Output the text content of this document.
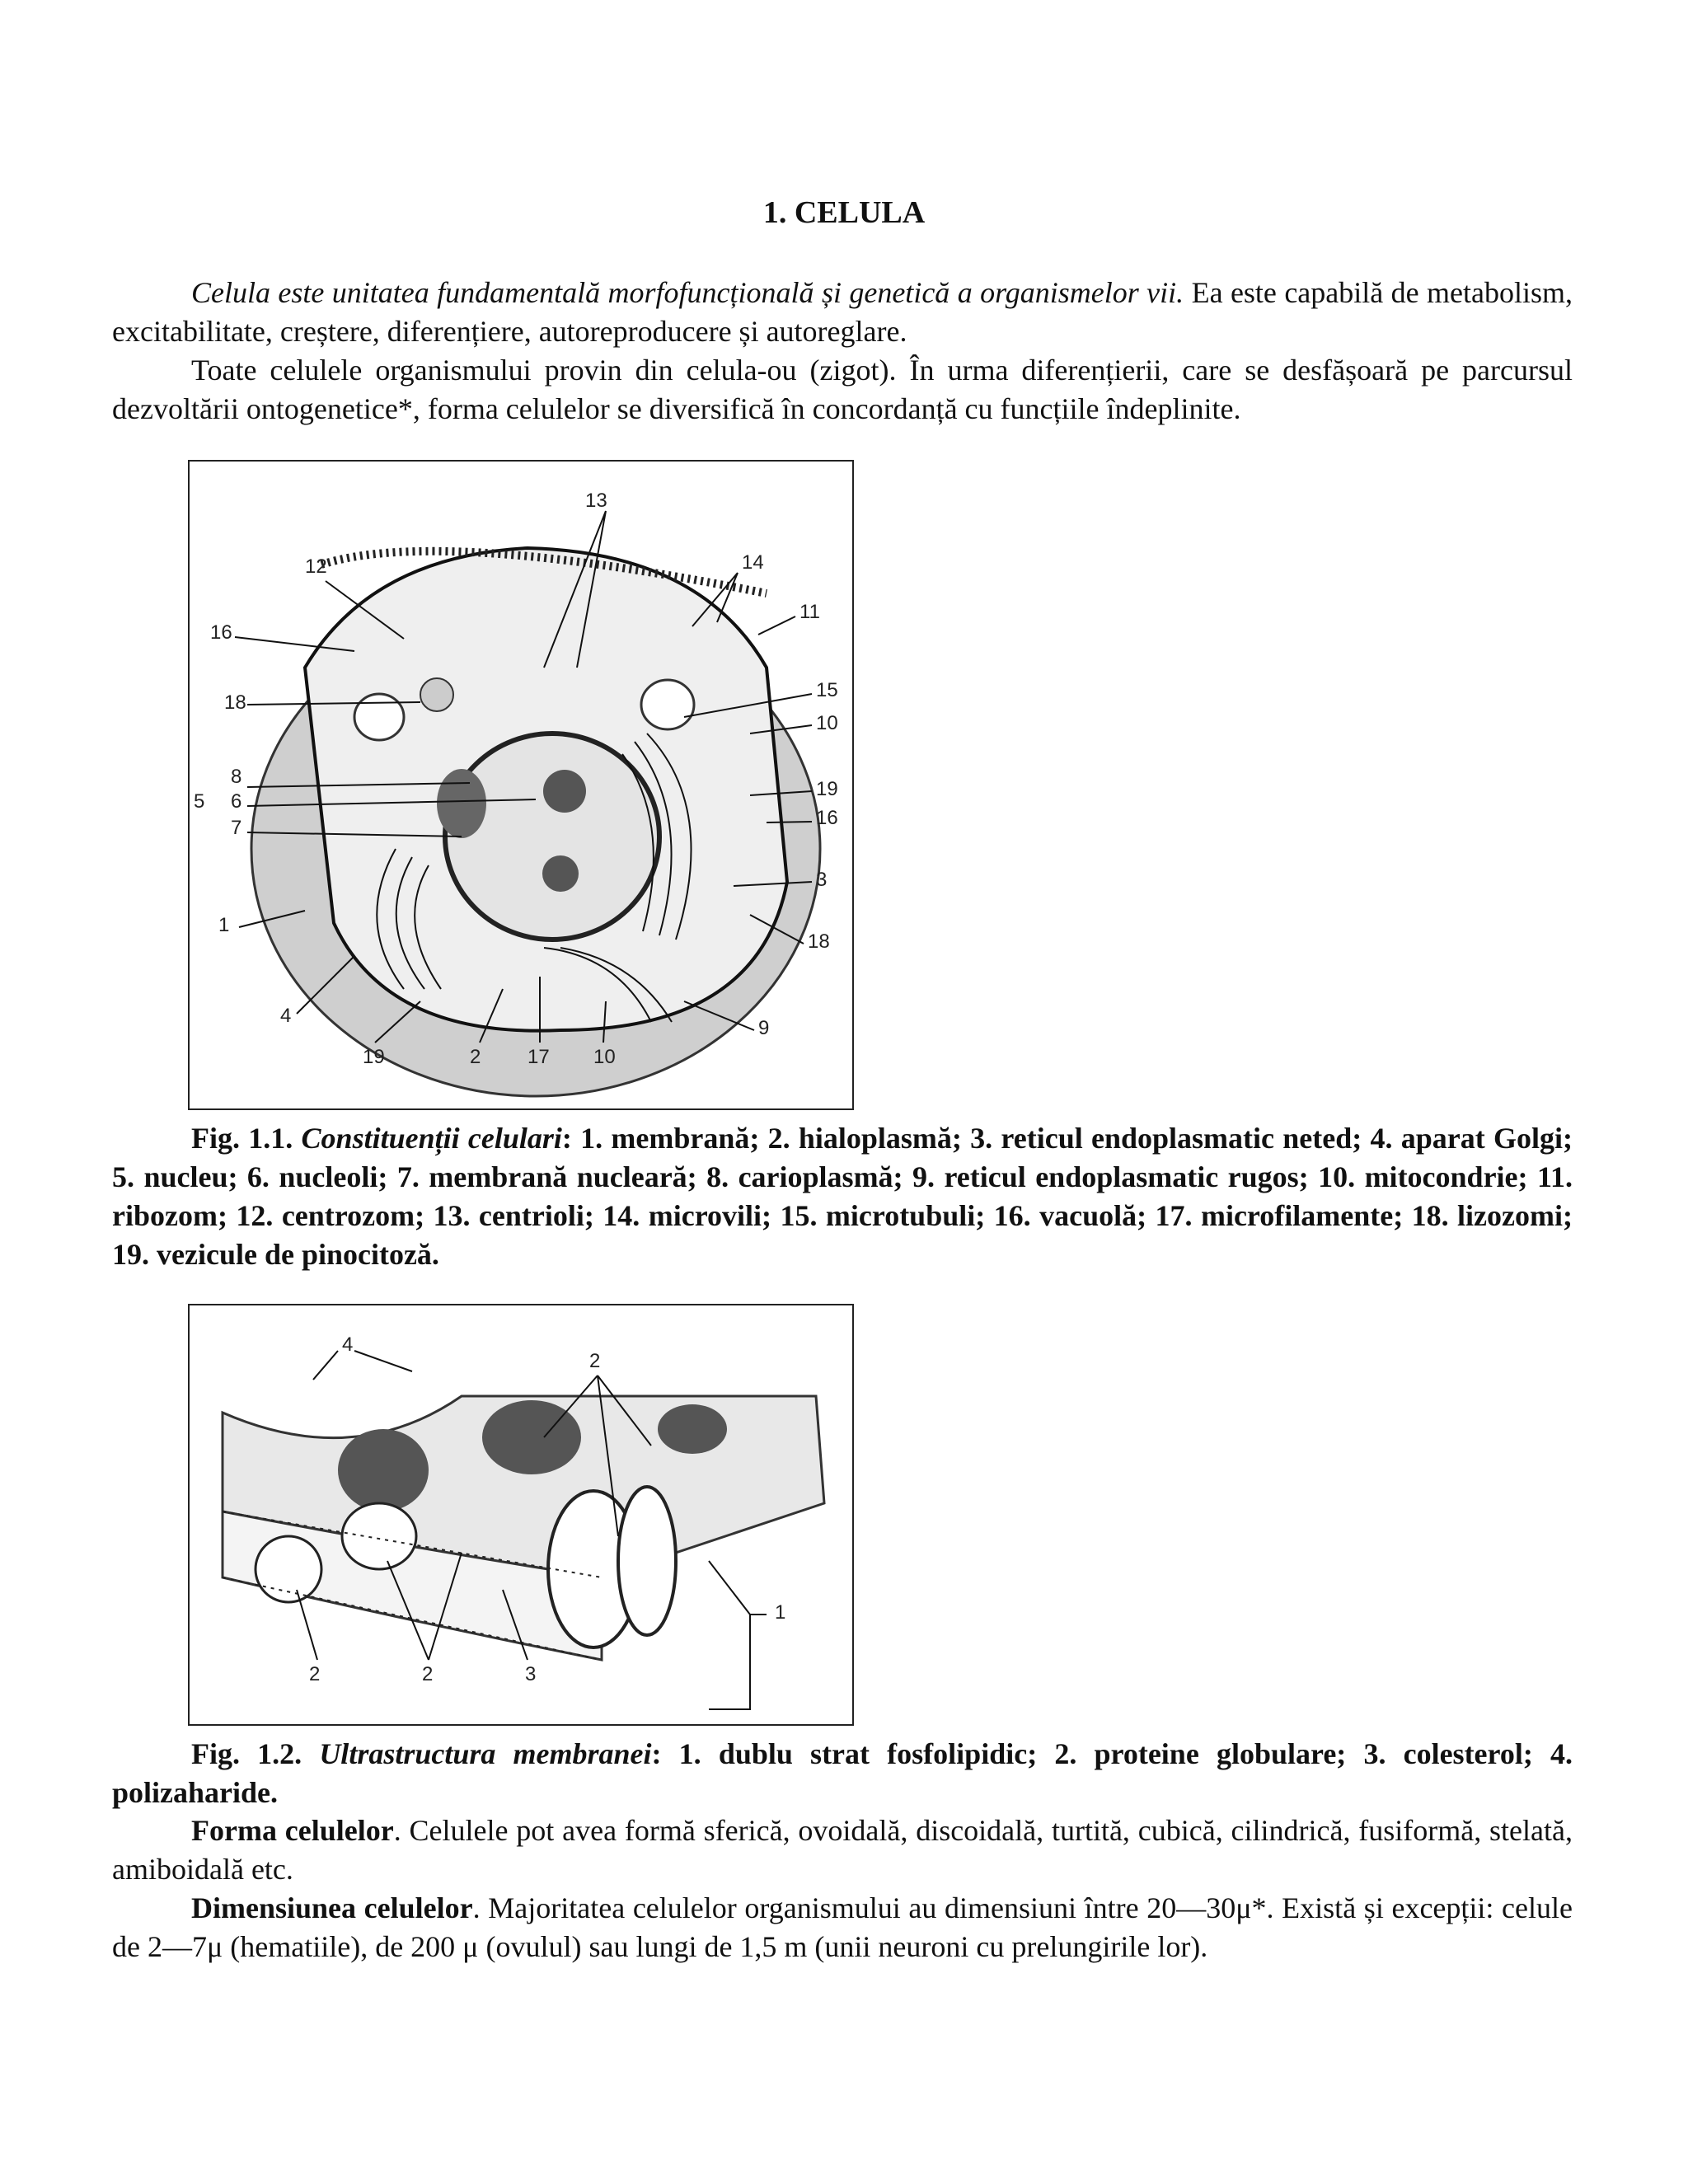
1. CELULA
Celula este unitatea fundamentală morfofuncțională și genetică a organismelor vii. Ea este capabilă de metabolism, excitabilitate, creștere, diferențiere, autoreproducere și autoreglare.
Toate celulele organismului provin din celula-ou (zigot). În urma diferențierii, care se desfășoară pe parcursul dezvoltării ontogenetice*, forma celulelor se diversifică în concordanță cu funcțiile îndeplinite.
13
12	14
11
16
18
15
10
8
5 6
7
19
16
3
1
18
4
9
19	2 17 10
Fig. 1.1. Constituenții celulari: 1. membrană; 2. hialoplasmă; 3. reticul endoplasmatic neted; 4. aparat Golgi; 5. nucleu; 6. nucleoli; 7. membrană nucleară; 8. carioplasmă; 9. reticul endoplasmatic rugos; 10. mitocondrie; 11. ribozom; 12. centrozom; 13. centrioli; 14. microvili; 15. microtubuli; 16. vacuolă; 17. microfilamente; 18. lizozomi; 19. vezicule de pinocitoză.
4
2
2	2	3
1
Fig. 1.2. Ultrastructura membranei: 1. dublu strat fosfolipidic; 2. proteine globulare; 3. colesterol; 4. polizaharide.
Forma celulelor. Celulele pot avea formă sferică, ovoidală, discoidală, turtită, cubică, cilindrică, fusiformă, stelată, amiboidală etc.
Dimensiunea celulelor. Majoritatea celulelor organismului au dimensiuni între 20—30μ*. Există și excepții: celule de 2—7μ (hematiile), de 200 μ (ovulul) sau lungi de 1,5 m (unii neuroni cu prelungirile lor).
